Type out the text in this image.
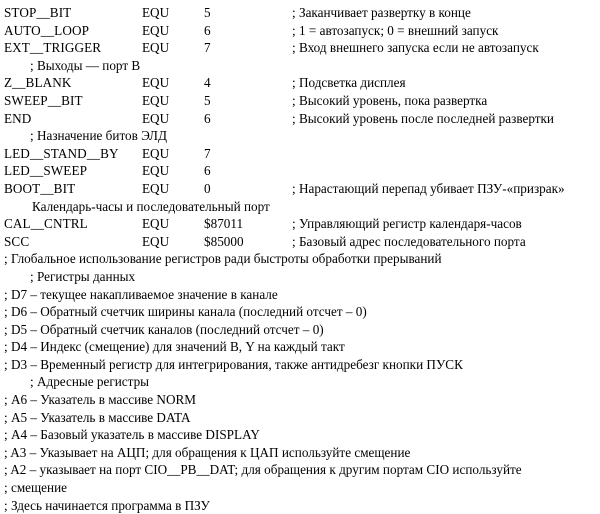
STOP__BIT	EQU	5	; Заканчивает развертку в конце
AUTO__LOOP	EQU	6	; 1 = автозапуск; 0 = внешний запуск
EXT__TRIGGER	EQU	7	; Вход внешнего запуска если не автозапуск
; Выходы — порт В
Z__BLANK	EQU	4	; Подсветка дисплея
SWEEP__BIT	EQU	5	; Высокий уровень, пока развертка
END	EQU	6	; Высокий уровень после последней развертки
; Назначение битов ЭЛД
LED__STAND__BY	EQU	7
LED__SWEEP	EQU	6
BOOT__BIT	EQU	0	; Нарастающий перепад убивает ПЗУ-«призрак»
Календарь-часы и последовательный порт
CAL__CNTRL	EQU	$87011	; Управляющий регистр календаря-часов
SCC	EQU	$85000	; Базовый адрес последовательного порта
; Глобальное использование регистров ради быстроты обработки прерываний
; Регистры данных
; D7 – текущее накапливаемое значение в канале
; D6 – Обратный счетчик ширины канала (последний отсчет – 0)
; D5 – Обратный счетчик каналов (последний отсчет – 0)
; D4 – Индекс (смещение) для значений В, Y на каждый такт
; D3 – Временный регистр для интегрирования, также антидребезг кнопки ПУСК
; Адресные регистры
; А6 – Указатель в массиве NORM
; А5 – Указатель в массиве DATA
; А4 – Базовый указатель в массиве DISPLAY
; A3 – Указывает на АЦП; для обращения к ЦАП используйте смещение
; A2 – указывает на порт CIO__PB__DAT; для обращения к другим портам СIO используйте
; смещение
; Здесь начинается программа в ПЗУ
